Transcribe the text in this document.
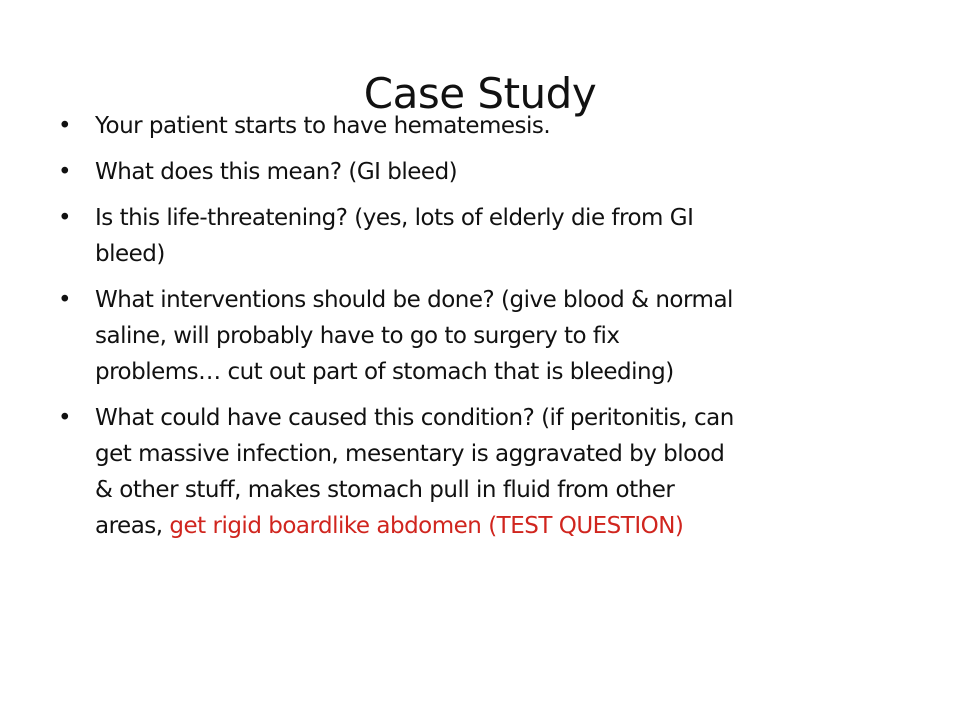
Case Study
•	Your patient starts to have hematemesis.
•	What does this mean? (GI bleed)
•	Is this life-threatening? (yes, lots of elderly die from GI bleed)
•	What interventions should be done? (give blood & normal saline, will probably have to go to surgery to fix problems… cut out part of stomach that is bleeding)
•	What could have caused this condition? (if peritonitis, can get massive infection, mesentary is aggravated by blood & other stuff, makes stomach pull in fluid from other areas, get rigid boardlike abdomen (TEST QUESTION)
